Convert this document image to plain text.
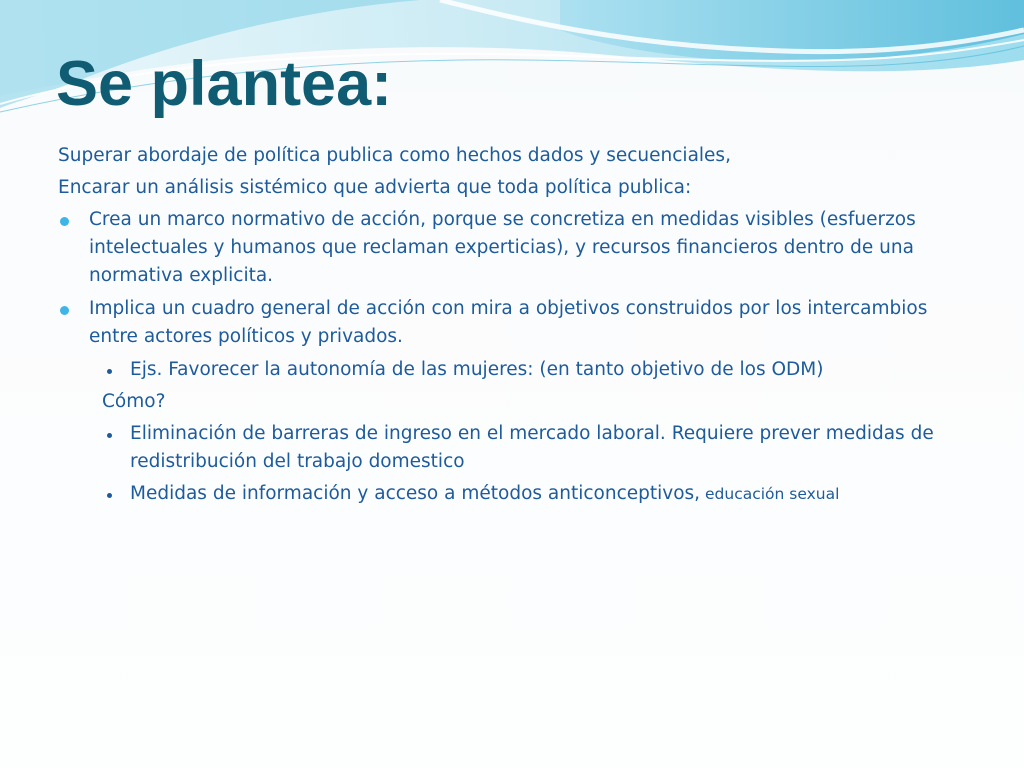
Se plantea:

Superar abordaje de política publica como hechos dados y secuenciales,

Encarar un análisis sistémico que advierta que toda política publica:

Crea un marco normativo de acción, porque se concretiza en medidas visibles (esfuerzos intelectuales y humanos que reclaman experticias), y recursos financieros dentro de una normativa explicita.
Implica un cuadro general de acción con mira a objetivos construidos por los intercambios entre actores políticos y privados.
Ejs. Favorecer la autonomía de las mujeres: (en tanto objetivo de los ODM)

Cómo?

Eliminación de barreras de ingreso en el mercado laboral. Requiere prever medidas de redistribución del trabajo domestico
Medidas de información y acceso a métodos anticonceptivos, educación sexual
